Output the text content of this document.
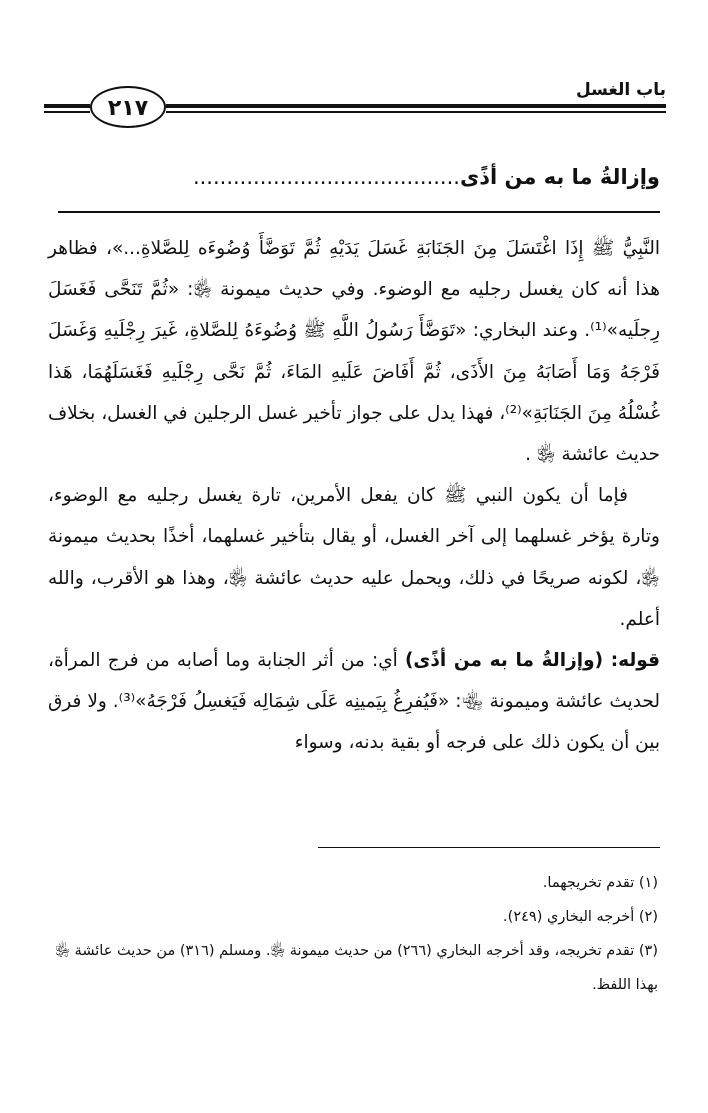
باب الغسل
٢١٧
وإزالةُ ما به من أذًى........................................

النَّبِيُّ ﷺ إِذَا اغْتَسَلَ مِنَ الجَنَابَةِ غَسَلَ يَدَيْهِ ثُمَّ تَوَضَّأَ وُضُوءَه لِلصَّلاةِ...»، فظاهر هذا أنه كان يغسل رجليه مع الوضوء. وفي حديث ميمونة ﵂: «ثُمَّ تَنَحَّى فَغَسَلَ رِجلَيه»⁽¹⁾. وعند البخاري: «تَوَضَّأَ رَسُولُ اللَّهِ ﷺ وُضُوءَهُ لِلصَّلاةِ، غَيرَ رِجْلَيهِ وَغَسَلَ فَرْجَهُ وَمَا أَصَابَهُ مِنَ الأَذَى، ثُمَّ أَفَاضَ عَلَيهِ المَاءَ، ثُمَّ نَحَّى رِجْلَيهِ فَغَسَلَهُمَا، هَذا غُسْلُهُ مِنَ الجَنَابَةِ»⁽²⁾، فهذا يدل على جواز تأخير غسل الرجلين في الغسل، بخلاف حديث عائشة ﵂ .

فإما أن يكون النبي ﷺ كان يفعل الأمرين، تارة يغسل رجليه مع الوضوء، وتارة يؤخر غسلهما إلى آخر الغسل، أو يقال بتأخير غسلهما، أخذًا بحديث ميمونة ﵂، لكونه صريحًا في ذلك، ويحمل عليه حديث عائشة ﵂، وهذا هو الأقرب، والله أعلم.

قوله: (وإزالةُ ما به من أذًى) أي: من أثر الجنابة وما أصابه من فرج المرأة، لحديث عائشة وميمونة ﵄: «فَيُفرِغُ بِيَمينِه عَلَى شِمَالِه فَيَغسِلُ فَرْجَهُ»⁽³⁾. ولا فرق بين أن يكون ذلك على فرجه أو بقية بدنه، وسواء

(١) تقدم تخريجهما.

(٢) أخرجه البخاري (٢٤٩).

(٣) تقدم تخريجه، وقد أخرجه البخاري (٢٦٦) من حديث ميمونة ﵂. ومسلم (٣١٦) من حديث عائشة ﵂ بهذا اللفظ.
